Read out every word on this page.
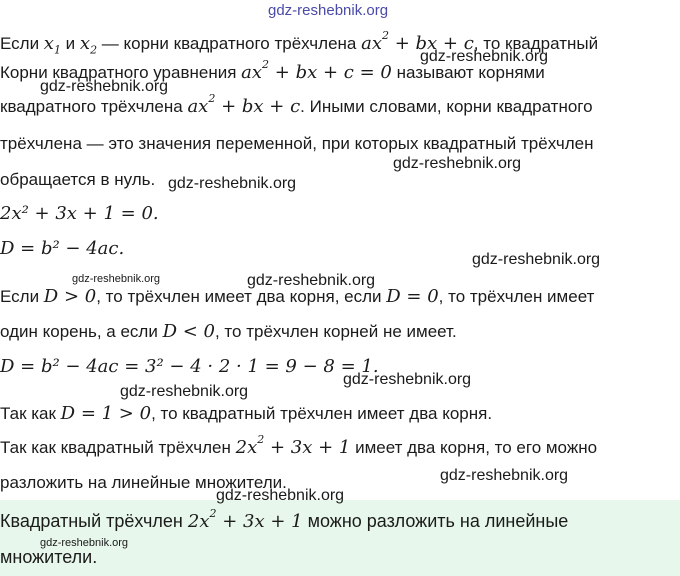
gdz-reshebnik.org
Если $x_1$ и $x_2$ — корни квадратного трёхчлена $ax^2$ + bx + c, то квадратный
gdz-reshebnik.org
Корни квадратного уравнения $ax^2$ + bx + c = 0 называют корнями
gdz-reshebnik.org
квадратного трёхчлена $ax^2$ + bx + c. Иными словами, корни квадратного
трёхчлена — это значения переменной, при которых квадратный трёхчлен
gdz-reshebnik.org
обращается в нуль. gdz-reshebnik.org
2x² + 3x + 1 = 0.
D = b² − 4ac.
gdz-reshebnik.org
gdz-reshebnik.org	gdz-reshebnik.org
Если D > 0, то трёхчлен имеет два корня, если D = 0, то трёхчлен имеет
один корень, а если D < 0, то трёхчлен корней не имеет.
D = b² − 4ac = 3² − 4 · 2 · 1 = 9 − 8 = 1.
gdz-reshebnik.org
gdz-reshebnik.org
Так как D = 1 > 0, то квадратный трёхчлен имеет два корня.
Так как квадратный трёхчлен $2x^2 + 3x + 1$ имеет два корня, то его можно
gdz-reshebnik.org
разложить на линейные множители.
Квадратный трёхчлен $2x^2 + 3x + 1$ можно разложить на линейные
множители.
gdz-reshebnik.org
gdz-reshebnik.org
